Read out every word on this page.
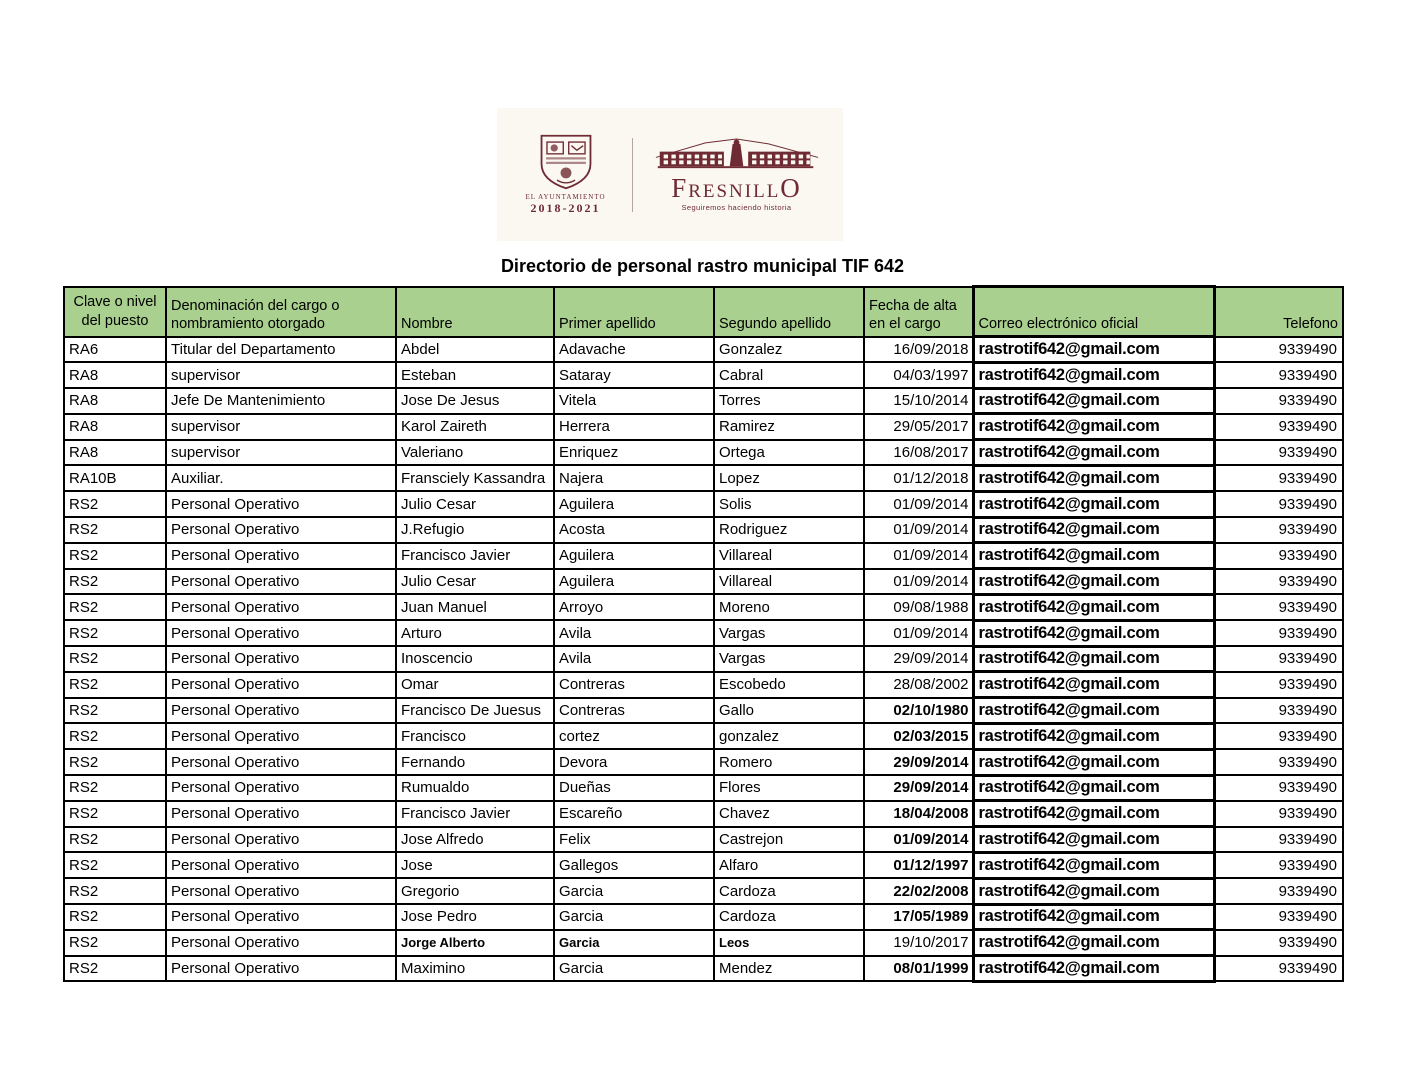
EL AYUNTAMIENTO
2018-2021
FresnillO
Seguiremos haciendo historia
Directorio de personal rastro municipal TIF 642
Clave o nivel del puesto	Denominación del cargo o nombramiento otorgado	Nombre	Primer apellido	Segundo apellido	Fecha de alta en el cargo	Correo electrónico oficial	Telefono
RA6	Titular del Departamento	Abdel	Adavache	Gonzalez	16/09/2018	rastrotif642@gmail.com	9339490
RA8	supervisor	Esteban	Sataray	Cabral	04/03/1997	rastrotif642@gmail.com	9339490
RA8	Jefe De Mantenimiento	Jose De Jesus	Vitela	Torres	15/10/2014	rastrotif642@gmail.com	9339490
RA8	supervisor	Karol Zaireth	Herrera	Ramirez	29/05/2017	rastrotif642@gmail.com	9339490
RA8	supervisor	Valeriano	Enriquez	Ortega	16/08/2017	rastrotif642@gmail.com	9339490
RA10B	Auxiliar.	Fransciely Kassandra	Najera	Lopez	01/12/2018	rastrotif642@gmail.com	9339490
RS2	Personal Operativo	Julio Cesar	Aguilera	Solis	01/09/2014	rastrotif642@gmail.com	9339490
RS2	Personal Operativo	J.Refugio	Acosta	Rodriguez	01/09/2014	rastrotif642@gmail.com	9339490
RS2	Personal Operativo	Francisco Javier	Aguilera	Villareal	01/09/2014	rastrotif642@gmail.com	9339490
RS2	Personal Operativo	Julio Cesar	Aguilera	Villareal	01/09/2014	rastrotif642@gmail.com	9339490
RS2	Personal Operativo	Juan Manuel	Arroyo	Moreno	09/08/1988	rastrotif642@gmail.com	9339490
RS2	Personal Operativo	Arturo	Avila	Vargas	01/09/2014	rastrotif642@gmail.com	9339490
RS2	Personal Operativo	Inoscencio	Avila	Vargas	29/09/2014	rastrotif642@gmail.com	9339490
RS2	Personal Operativo	Omar	Contreras	Escobedo	28/08/2002	rastrotif642@gmail.com	9339490
RS2	Personal Operativo	Francisco De Juesus	Contreras	Gallo	02/10/1980	rastrotif642@gmail.com	9339490
RS2	Personal Operativo	Francisco	cortez	gonzalez	02/03/2015	rastrotif642@gmail.com	9339490
RS2	Personal Operativo	Fernando	Devora	Romero	29/09/2014	rastrotif642@gmail.com	9339490
RS2	Personal Operativo	Rumualdo	Dueñas	Flores	29/09/2014	rastrotif642@gmail.com	9339490
RS2	Personal Operativo	Francisco Javier	Escareño	Chavez	18/04/2008	rastrotif642@gmail.com	9339490
RS2	Personal Operativo	Jose Alfredo	Felix	Castrejon	01/09/2014	rastrotif642@gmail.com	9339490
RS2	Personal Operativo	Jose	Gallegos	Alfaro	01/12/1997	rastrotif642@gmail.com	9339490
RS2	Personal Operativo	Gregorio	Garcia	Cardoza	22/02/2008	rastrotif642@gmail.com	9339490
RS2	Personal Operativo	Jose Pedro	Garcia	Cardoza	17/05/1989	rastrotif642@gmail.com	9339490
RS2	Personal Operativo	Jorge Alberto	Garcia	Leos	19/10/2017	rastrotif642@gmail.com	9339490
RS2	Personal Operativo	Maximino	Garcia	Mendez	08/01/1999	rastrotif642@gmail.com	9339490
